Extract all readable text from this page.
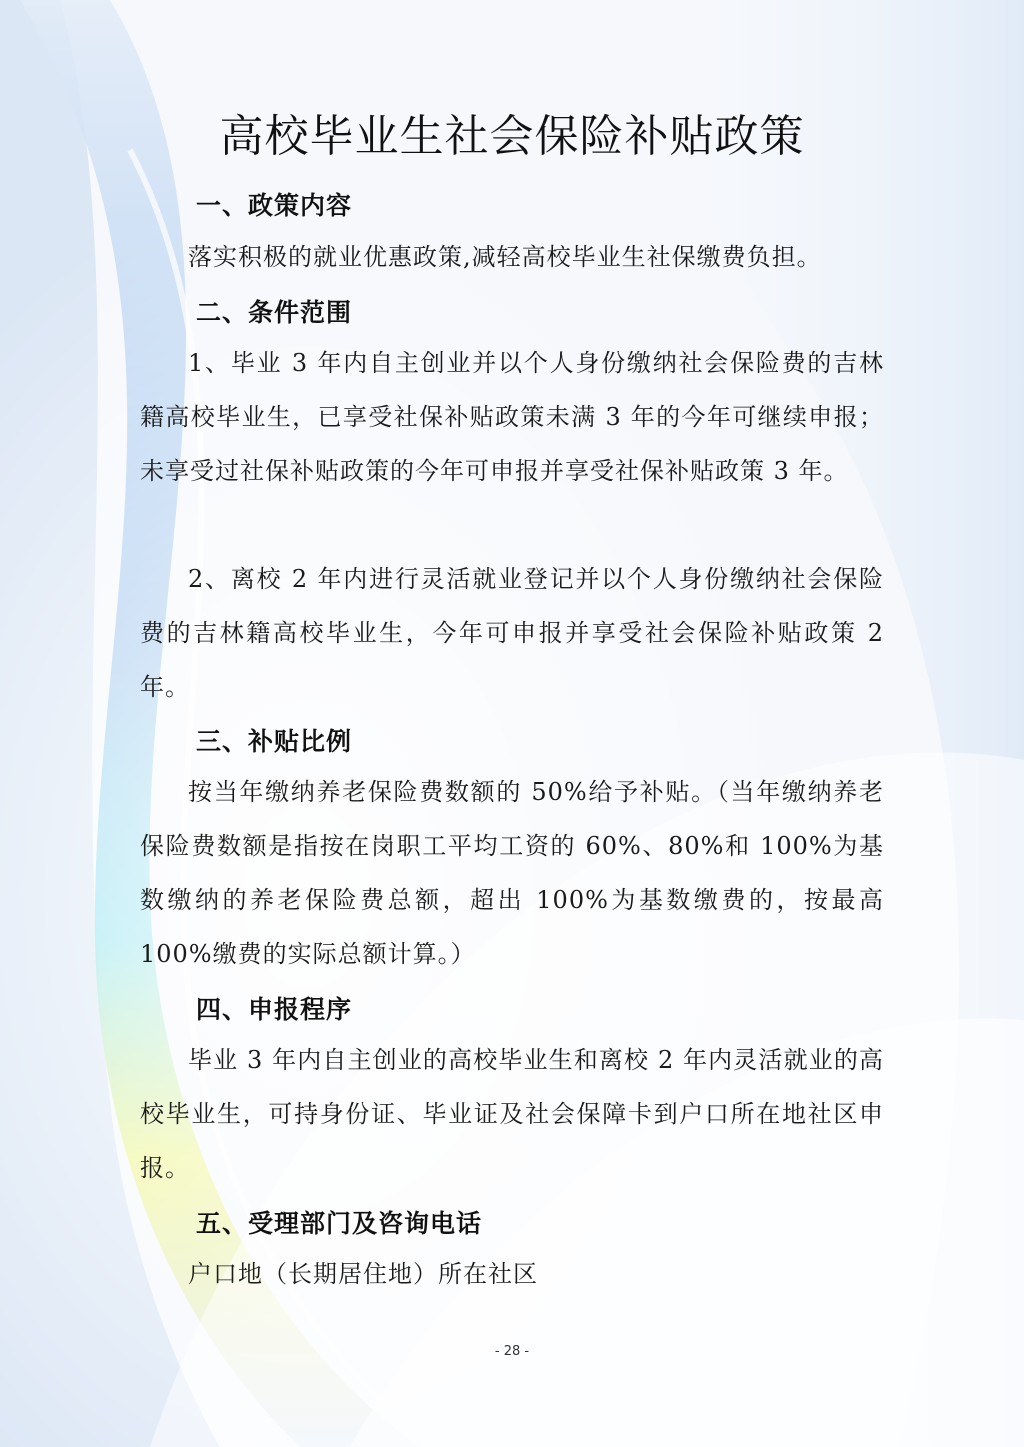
高校毕业生社会保险补贴政策
一、政策内容

落实积极的就业优惠政策,减轻高校毕业生社保缴费负担。

二、条件范围

1、毕业 3 年内自主创业并以个人身份缴纳社会保险费的吉林籍高校毕业生，已享受社保补贴政策未满 3 年的今年可继续申报；未享受过社保补贴政策的今年可申报并享受社保补贴政策 3 年。

2、离校 2 年内进行灵活就业登记并以个人身份缴纳社会保险费的吉林籍高校毕业生，今年可申报并享受社会保险补贴政策 2 年。

三、补贴比例

按当年缴纳养老保险费数额的 50%给予补贴。（当年缴纳养老保险费数额是指按在岗职工平均工资的 60%、80%和 100%为基数缴纳的养老保险费总额，超出 100%为基数缴费的，按最高 100%缴费的实际总额计算。）

四、申报程序

毕业 3 年内自主创业的高校毕业生和离校 2 年内灵活就业的高校毕业生，可持身份证、毕业证及社会保障卡到户口所在地社区申报。

五、受理部门及咨询电话

户口地（长期居住地）所在社区

- 28 -
